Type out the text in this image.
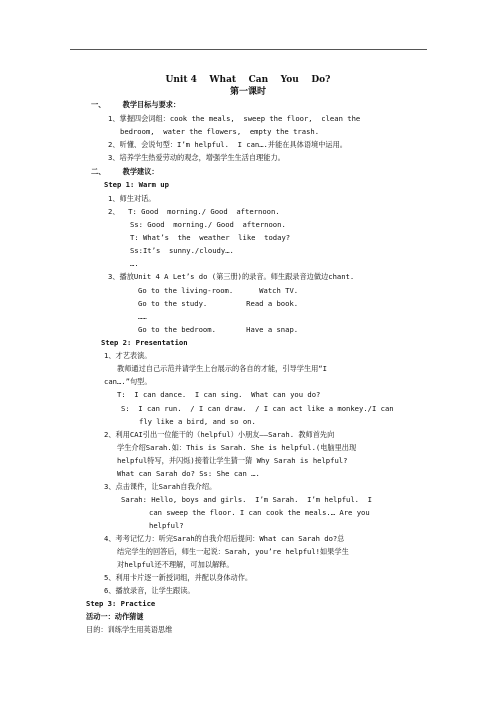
Unit 4    What    Can    You    Do?
第一课时
一、    教学目标与要求：
1、掌握四会词组：cook the meals,  sweep the floor,  clean the
bedroom,  water the flowers,  empty the trash.
2、听懂、会说句型：I’m helpful.  I can….并能在具体语境中运用。
3、培养学生热爱劳动的观念，增强学生生活自理能力。
二、    教学建议：
Step 1: Warm up
1、师生对话。
2、  T: Good  morning./ Good  afternoon.
Ss: Good  morning./ Good  afternoon.
T: What’s  the  weather  like  today?
Ss:It’s  sunny./cloudy….
….
3、播放Unit 4 A Let’s do (第三册)的录音。师生跟录音边做边chant.
Go to the living-room.      Watch TV.
Go to the study.         Read a book.
……
Go to the bedroom.       Have a snap.
Step 2: Presentation
1、才艺表演。
教师通过自己示范并请学生上台展示的各自的才能，引导学生用“I
can….”句型。
T:  I can dance.  I can sing.  What can you do?
S:  I can run.  / I can draw.  / I can act like a monkey./I can
fly like a bird, and so on.
2、利用CAI引出一位能干的（helpful）小朋友——Sarah. 教师首先向
学生介绍Sarah.如：This is Sarah. She is helpful.(电脑里出现
helpful特写，并闪烁)接着让学生猜一猜 Why Sarah is helpful?
What can Sarah do? Ss: She can ….
3、点击课件，让Sarah自我介绍。
Sarah: Hello, boys and girls.  I’m Sarah.  I’m helpful.  I
can sweep the floor. I can cook the meals.… Are you
helpful?
4、考考记忆力：听完Sarah的自我介绍后提问：What can Sarah do?总
结完学生的回答后，师生一起说：Sarah, you’re helpful!如果学生
对helpful还不理解，可加以解释。
5、利用卡片逐一新授词组，并配以身体动作。
6、播放录音，让学生跟读。
Step 3: Practice
活动一：动作猜谜
目的：训练学生用英语思维
